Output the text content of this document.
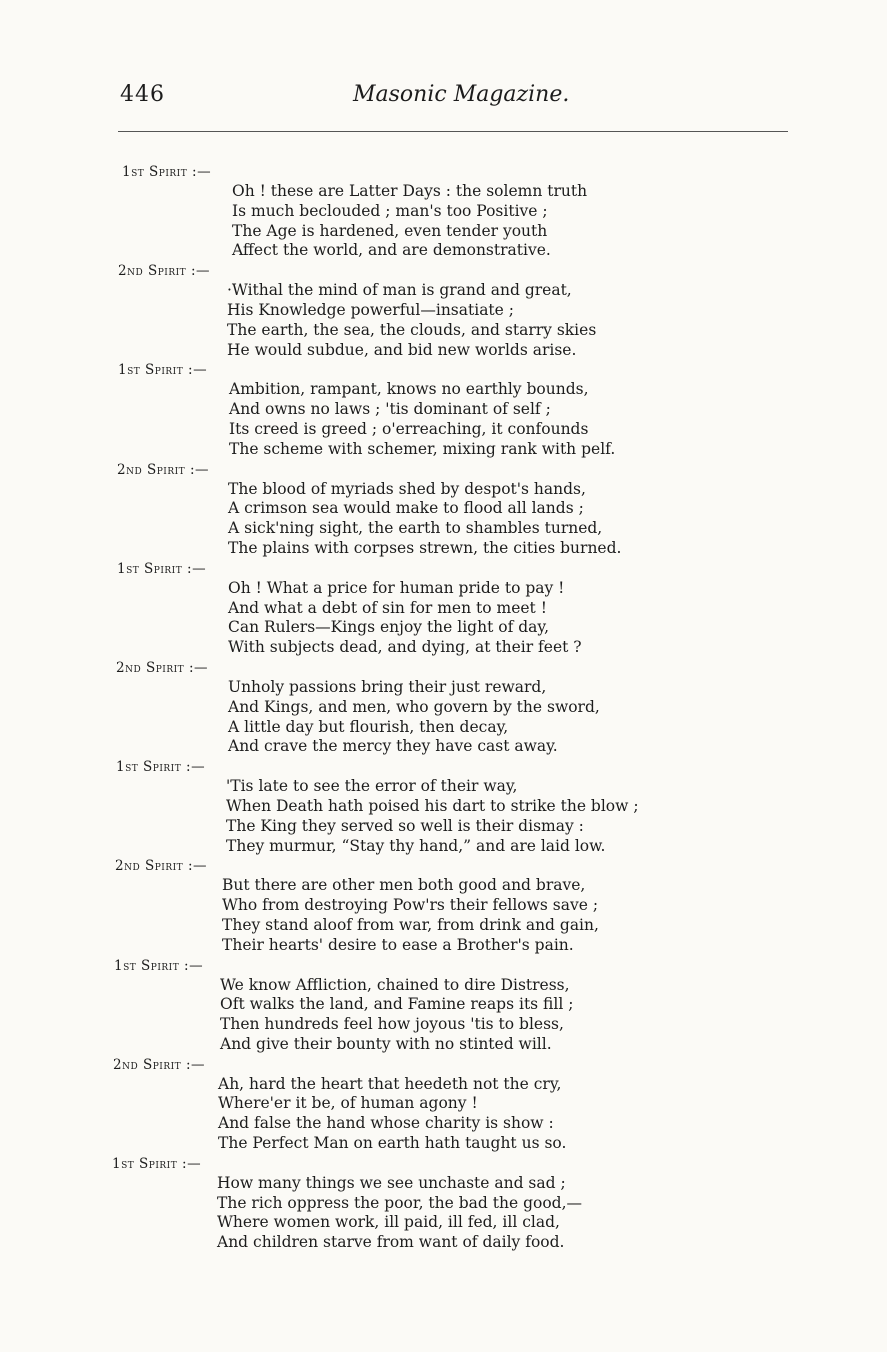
446	Masonic Magazine.
1st Spirit :—
Oh ! these are Latter Days : the solemn truth
Is much beclouded ; man's too Positive ;
The Age is hardened, even tender youth
Affect the world, and are demonstrative.
2nd Spirit :—
·Withal the mind of man is grand and great,
His Knowledge powerful—insatiate ;
The earth, the sea, the clouds, and starry skies
He would subdue, and bid new worlds arise.
1st Spirit :—
Ambition, rampant, knows no earthly bounds,
And owns no laws ; 'tis dominant of self ;
Its creed is greed ; o'erreaching, it confounds
The scheme with schemer, mixing rank with pelf.
2nd Spirit :—
The blood of myriads shed by despot's hands,
A crimson sea would make to flood all lands ;
A sick'ning sight, the earth to shambles turned,
The plains with corpses strewn, the cities burned.
1st Spirit :—
Oh ! What a price for human pride to pay !
And what a debt of sin for men to meet !
Can Rulers—Kings enjoy the light of day,
With subjects dead, and dying, at their feet ?
2nd Spirit :—
Unholy passions bring their just reward,
And Kings, and men, who govern by the sword,
A little day but flourish, then decay,
And crave the mercy they have cast away.
1st Spirit :—
'Tis late to see the error of their way,
When Death hath poised his dart to strike the blow ;
The King they served so well is their dismay :
They murmur, “Stay thy hand,” and are laid low.
2nd Spirit :—
But there are other men both good and brave,
Who from destroying Pow'rs their fellows save ;
They stand aloof from war, from drink and gain,
Their hearts' desire to ease a Brother's pain.
1st Spirit :—
We know Affliction, chained to dire Distress,
Oft walks the land, and Famine reaps its fill ;
Then hundreds feel how joyous 'tis to bless,
And give their bounty with no stinted will.
2nd Spirit :—
Ah, hard the heart that heedeth not the cry,
Where'er it be, of human agony !
And false the hand whose charity is show :
The Perfect Man on earth hath taught us so.
1st Spirit :—
How many things we see unchaste and sad ;
The rich oppress the poor, the bad the good,—
Where women work, ill paid, ill fed, ill clad,
And children starve from want of daily food.
